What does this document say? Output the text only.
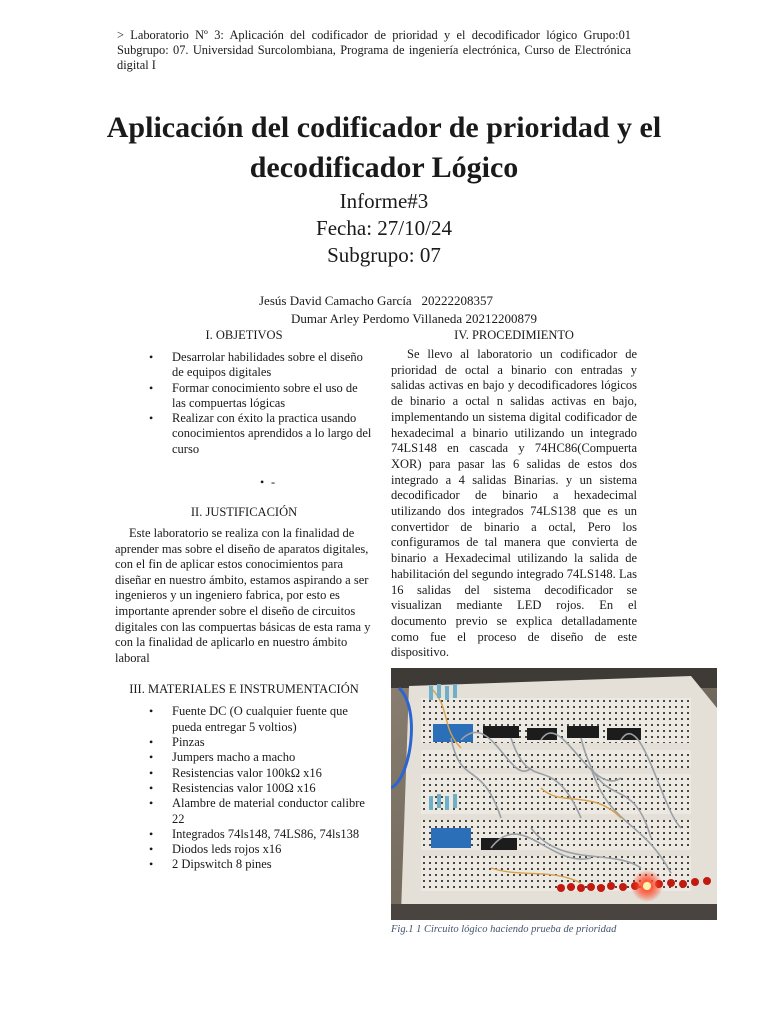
> Laboratorio Nº 3: Aplicación del codificador de prioridad y el decodificador lógico Grupo:01 Subgrupo: 07. Universidad Surcolombiana, Programa de ingeniería electrónica, Curso de Electrónica digital I
Aplicación del codificador de prioridad y el decodificador Lógico
Informe#3
Fecha: 27/10/24
Subgrupo: 07
Jesús David Camacho García   20222208357
Dumar Arley Perdomo Villaneda 20212200879
I. OBJETIVOS
• Desarrolar habilidades sobre el diseño de equipos digitales
• Formar conocimiento sobre el uso de las compuertas lógicas
• Realizar con éxito la practica usando conocimientos aprendidos a lo largo del curso
• -
II. JUSTIFICACIÓN
Este laboratorio se realiza con la finalidad de aprender mas sobre el diseño de aparatos digitales, con el fin de aplicar estos conocimientos para diseñar en nuestro ámbito, estamos aspirando a ser ingenieros y un ingeniero fabrica, por esto es importante aprender sobre el diseño de circuitos digitales con las compuertas básicas de esta rama y con la finalidad de aplicarlo en nuestro ámbito laboral
III. MATERIALES E INSTRUMENTACIÓN
• Fuente DC (O cualquier fuente que pueda entregar 5 voltios)
• Pinzas
• Jumpers macho a macho
• Resistencias valor 100kΩ x16
• Resistencias valor 100Ω x16
• Alambre de material conductor calibre 22
• Integrados 74ls148, 74LS86, 74ls138
• Diodos leds rojos x16
• 2 Dipswitch 8 pines
IV. PROCEDIMIENTO
Se llevo al laboratorio un codificador de prioridad de octal a binario con entradas y salidas activas en bajo y decodificadores lógicos de binario a octal n salidas activas en bajo, implementando un sistema digital codificador de hexadecimal a binario utilizando un integrado 74LS148 en cascada y 74HC86(Compuerta XOR) para pasar las 6 salidas de estos dos integrado a 4 salidas Binarias. y un sistema decodificador de binario a hexadecimal utilizando dos integrados 74LS138 que es un convertidor de binario a octal, Pero los configuramos de tal manera que convierta de binario a Hexadecimal utilizando la salida de habilitación del segundo integrado 74LS148. Las 16 salidas del sistema decodificador se visualizan mediante LED rojos. En el documento previo se explica detalladamente como fue el proceso de diseño de este dispositivo.
Fig.1 1 Circuito lógico haciendo prueba de prioridad
